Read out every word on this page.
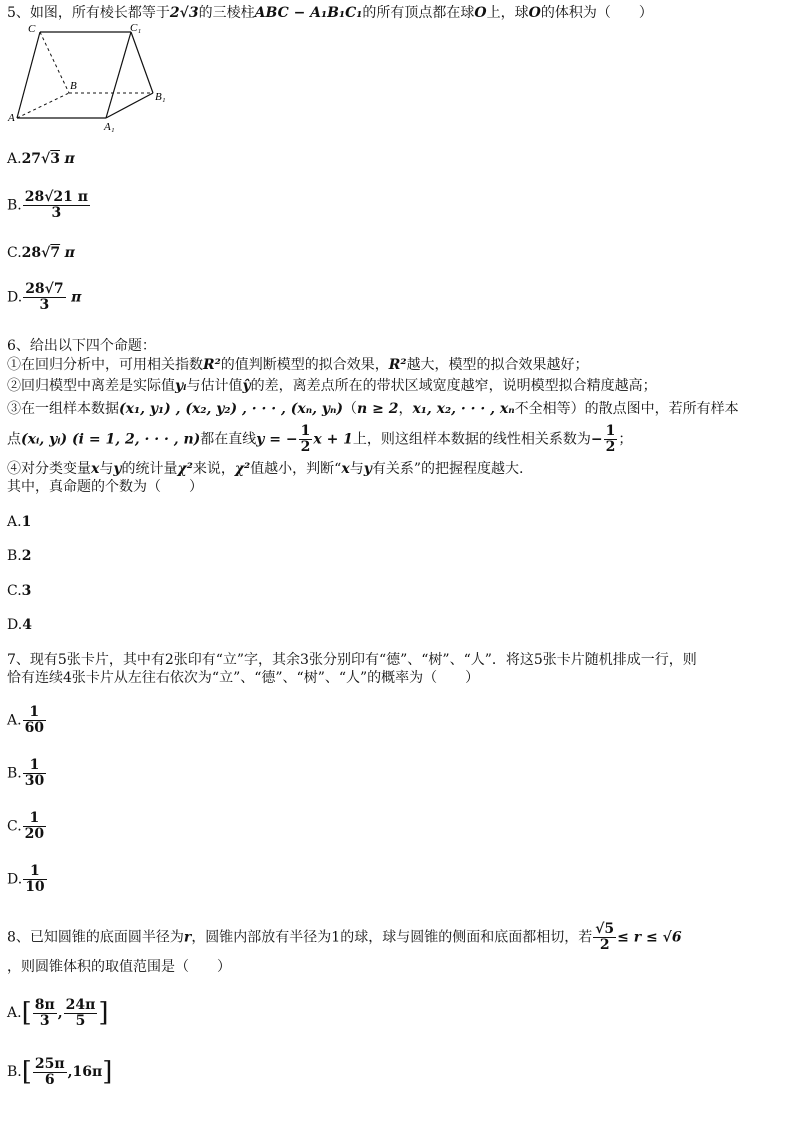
5、如图，所有棱长都等于2√3的三棱柱ABC − A₁B₁C₁的所有顶点都在球O上，球O的体积为（　　）
C	C₁
B
B₁
A
A₁
A.27√3 π
B. $\frac{28√21 \pi}{3}$
C.28√7 π
D. $\frac{28√7}{3}$ π
6、给出以下四个命题：
①在回归分析中，可用相关指数R²的值判断模型的拟合效果，R²越大，模型的拟合效果越好；
②回归模型中离差是实际值yᵢ与估计值ŷ的差，离差点所在的带状区域宽度越窄，说明模型拟合精度越高；
③在一组样本数据(x₁, y₁) , (x₂, y₂) , · · · , (xₙ, yₙ)（n ≥ 2，x₁, x₂, · · · , xₙ不全相等）的散点图中，若所有样本
点(xᵢ, yᵢ) (i = 1, 2, · · · , n)都在直线y = − $\frac{1}{2}$ x + 1上，则这组样本数据的线性相关系数为− $\frac{1}{2}$ ；
④对分类变量x与y的统计量χ²来说，χ²值越小，判断“x与y有关系”的把握程度越大.
其中，真命题的个数为（　　）
A.1
B.2
C.3
D.4
7、现有5张卡片，其中有2张印有“立”字，其余3张分别印有“德”、“树”、“人”．将这5张卡片随机排成一行，则
恰有连续4张卡片从左往右依次为“立”、“德”、“树”、“人”的概率为（　　）
A. $\frac{1}{60}$
B. $\frac{1}{30}$
C. $\frac{1}{20}$
D. $\frac{1}{10}$
8、已知圆锥的底面圆半径为r，圆锥内部放有半径为1的球，球与圆锥的侧面和底面都相切，若 $\frac{√5}{2} \le r \le √6$
，则圆锥体积的取值范围是（　　）
$A.[ \frac{8\pi}{3}$ , $\frac{24\pi}{5}$ ]
$B.[ \frac{25\pi}{6} ,16\pi]$
